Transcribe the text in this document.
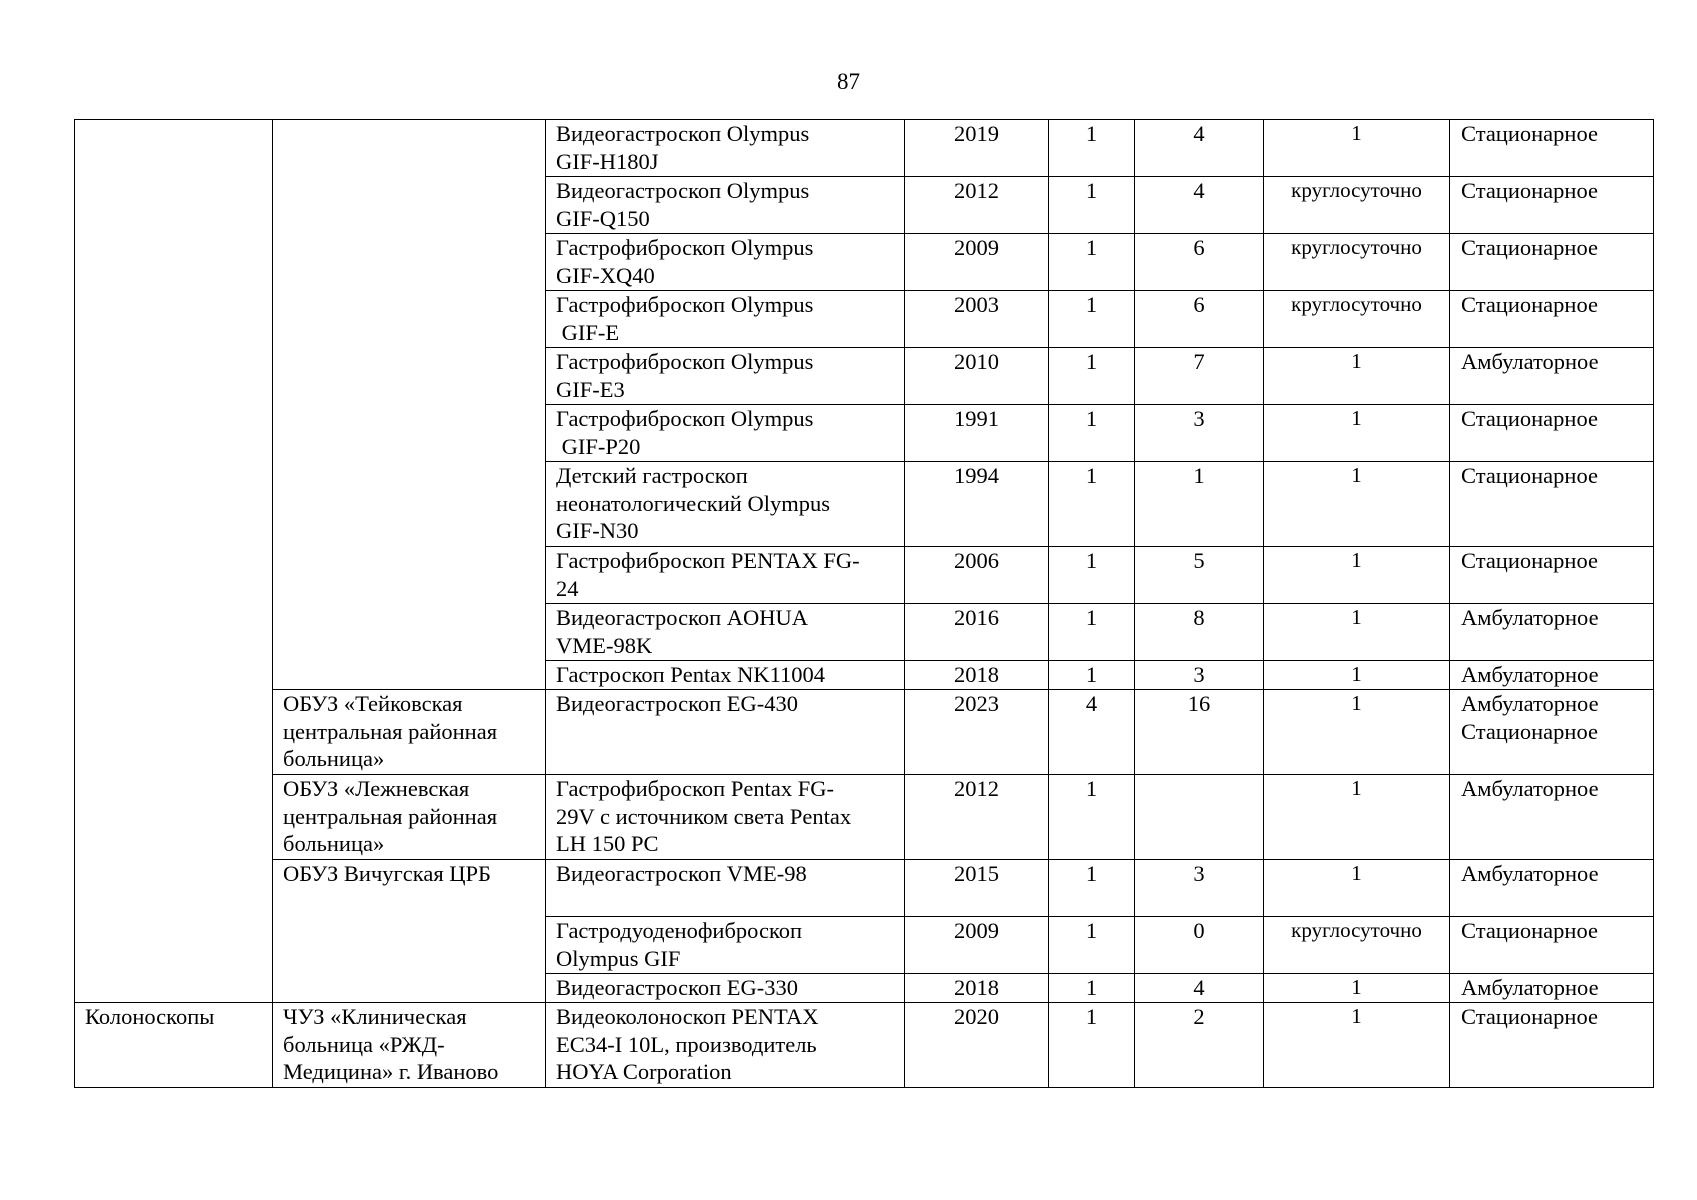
87

		Видеогастроскоп Olympus
GIF-H180J	2019	1	4	1	Стационарное

		Видеогастроскоп Olympus
GIF-Q150	2012	1	4	круглосуточно	Стационарное

		Гастрофиброскоп Olympus
GIF-XQ40	2009	1	6	круглосуточно	Стационарное

		Гастрофиброскоп Olympus
GIF-E	2003	1	6	круглосуточно	Стационарное

		Гастрофиброскоп Olympus
GIF-E3	2010	1	7	1	Амбулаторное

		Гастрофиброскоп Olympus
GIF-P20	1991	1	3	1	Стационарное

		Детский гастроскоп
неонатологический Olympus
GIF-N30	1994	1	1	1	Стационарное

		Гастрофиброскоп PENTAX FG-
24	2006	1	5	1	Стационарное

		Видеогастроскоп AOHUA
VME-98K	2016	1	8	1	Амбулаторное
		Гастроскоп Pentax NK11004	2018	1	3	1	Амбулаторное

	ОБУЗ «Тейковская
центральная районная
больница»	Видеогастроскоп EG-430	2023	4	16	1	Амбулаторное
Стационарное

	ОБУЗ «Лежневская
центральная районная
больница»	Гастрофиброскоп Pentax FG-
29V с источником света Pentax
LH 150 PC	2012	1		1	Амбулаторное
	ОБУЗ Вичугская ЦРБ	Видеогастроскоп VME-98	2015	1	3	1	Амбулаторное

		Гастродуоденофиброскоп
Olympus GIF	2009	1	0	круглосуточно	Стационарное
		Видеогастроскоп EG-330	2018	1	4	1	Амбулаторное
Колоноскопы	ЧУЗ «Клиническая
больница «РЖД-
Медицина» г. Иваново	Видеоколоноскоп PENTAX
EC34-I 10L, производитель
HOYA Corporation	2020	1	2	1	Стационарное
